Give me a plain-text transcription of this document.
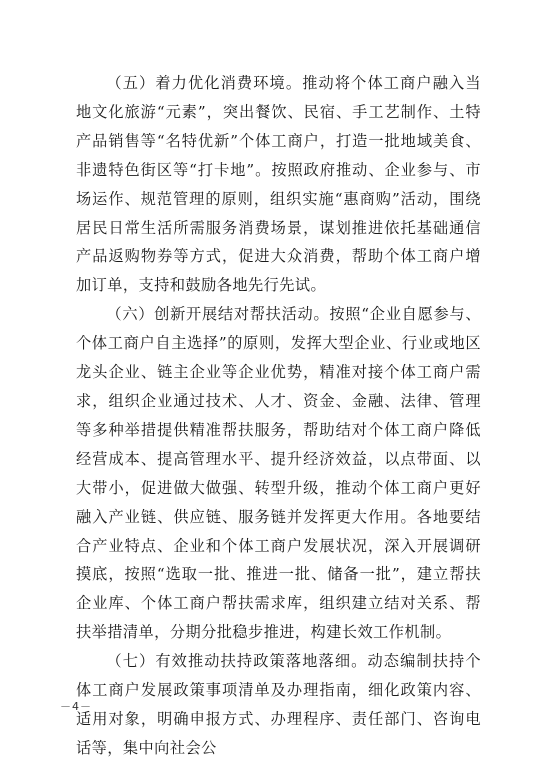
（五）着力优化消费环境。推动将个体工商户融入当地文化旅游“元素”，突出餐饮、民宿、手工艺制作、土特产品销售等“名特优新”个体工商户，打造一批地域美食、非遗特色街区等“打卡地”。按照政府推动、企业参与、市场运作、规范管理的原则，组织实施“惠商购”活动，围绕居民日常生活所需服务消费场景，谋划推进依托基础通信产品返购物券等方式，促进大众消费，帮助个体工商户增加订单，支持和鼓励各地先行先试。

（六）创新开展结对帮扶活动。按照“企业自愿参与、个体工商户自主选择”的原则，发挥大型企业、行业或地区龙头企业、链主企业等企业优势，精准对接个体工商户需求，组织企业通过技术、人才、资金、金融、法律、管理等多种举措提供精准帮扶服务，帮助结对个体工商户降低经营成本、提高管理水平、提升经济效益，以点带面、以大带小，促进做大做强、转型升级，推动个体工商户更好融入产业链、供应链、服务链并发挥更大作用。各地要结合产业特点、企业和个体工商户发展状况，深入开展调研摸底，按照“选取一批、推进一批、储备一批”，建立帮扶企业库、个体工商户帮扶需求库，组织建立结对关系、帮扶举措清单，分期分批稳步推进，构建长效工作机制。

（七）有效推动扶持政策落地落细。动态编制扶持个体工商户发展政策事项清单及办理指南，细化政策内容、适用对象，明确申报方式、办理程序、责任部门、咨询电话等，集中向社会公

－4－
